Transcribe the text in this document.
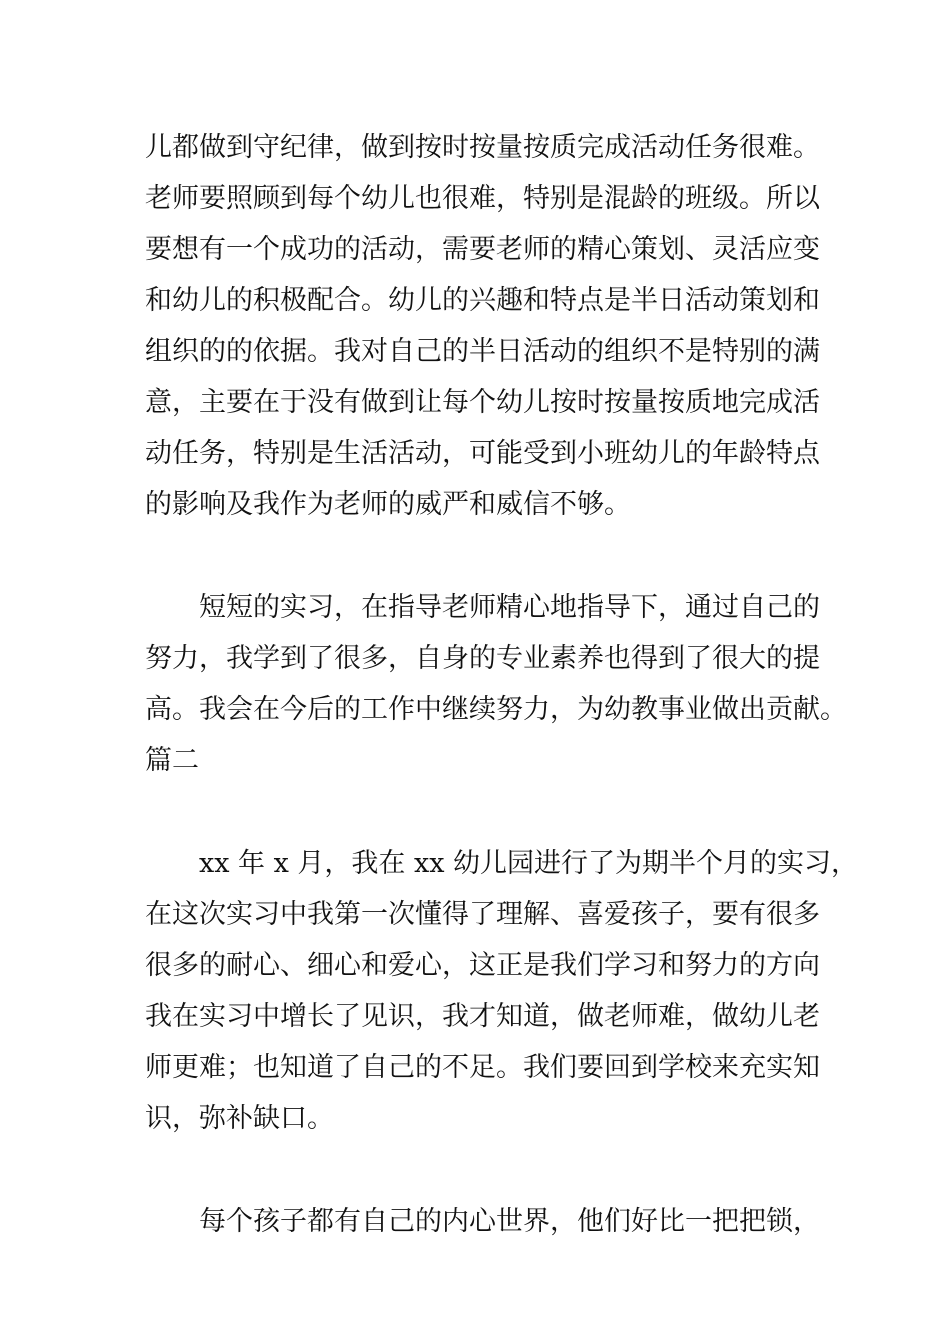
儿都做到守纪律，做到按时按量按质完成活动任务很难。
老师要照顾到每个幼儿也很难，特别是混龄的班级。所以
要想有一个成功的活动，需要老师的精心策划、灵活应变
和幼儿的积极配合。幼儿的兴趣和特点是半日活动策划和
组织的的依据。我对自己的半日活动的组织不是特别的满
意，主要在于没有做到让每个幼儿按时按量按质地完成活
动任务，特别是生活活动，可能受到小班幼儿的年龄特点
的影响及我作为老师的威严和威信不够。
短短的实习，在指导老师精心地指导下，通过自己的
努力，我学到了很多，自身的专业素养也得到了很大的提
高。我会在今后的工作中继续努力，为幼教事业做出贡献。
篇二
xx 年 x 月，我在 xx 幼儿园进行了为期半个月的实习，
在这次实习中我第一次懂得了理解、喜爱孩子，要有很多
很多的耐心、细心和爱心，这正是我们学习和努力的方向
我在实习中增长了见识，我才知道，做老师难，做幼儿老
师更难；也知道了自己的不足。我们要回到学校来充实知
识，弥补缺口。
每个孩子都有自己的内心世界，他们好比一把把锁，
